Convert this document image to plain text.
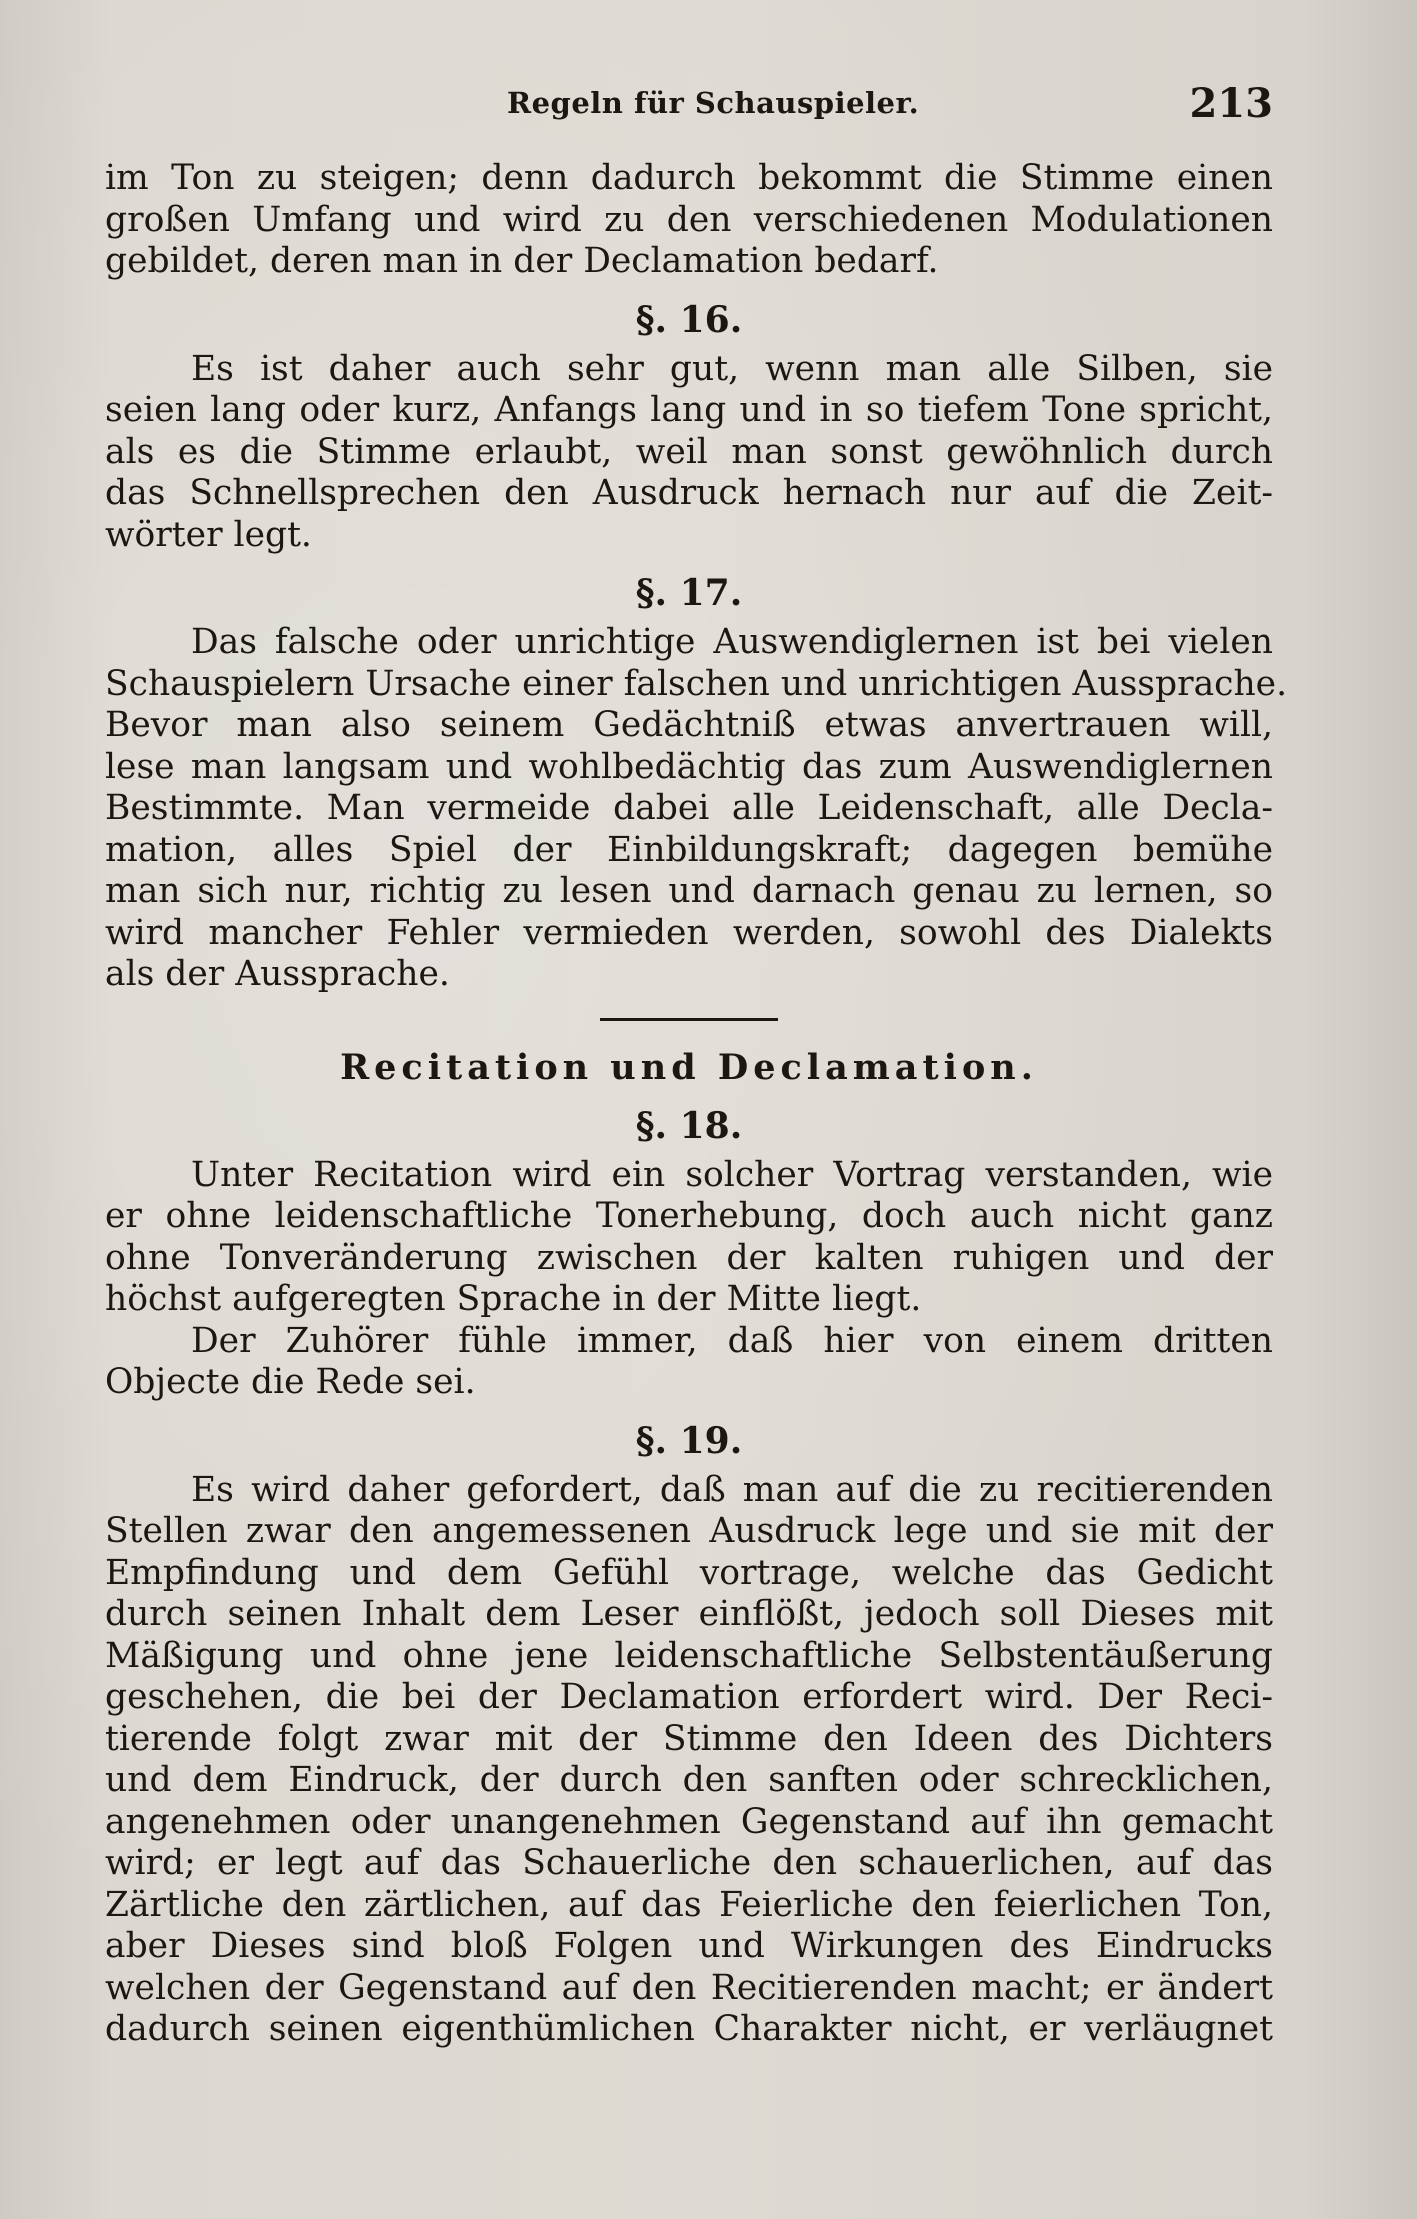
Regeln für Schauspieler.	213
im Ton zu steigen; denn dadurch bekommt die Stimme einen
großen Umfang und wird zu den verschiedenen Modulationen
gebildet, deren man in der Declamation bedarf.
§. 16.
Es ist daher auch sehr gut, wenn man alle Silben, sie
seien lang oder kurz, Anfangs lang und in so tiefem Tone spricht,
als es die Stimme erlaubt, weil man sonst gewöhnlich durch
das Schnellsprechen den Ausdruck hernach nur auf die Zeit-
wörter legt.
§. 17.
Das falsche oder unrichtige Auswendiglernen ist bei vielen
Schauspielern Ursache einer falschen und unrichtigen Aussprache.
Bevor man also seinem Gedächtniß etwas anvertrauen will,
lese man langsam und wohlbedächtig das zum Auswendiglernen
Bestimmte. Man vermeide dabei alle Leidenschaft, alle Decla-
mation, alles Spiel der Einbildungskraft; dagegen bemühe
man sich nur, richtig zu lesen und darnach genau zu lernen, so
wird mancher Fehler vermieden werden, sowohl des Dialekts
als der Aussprache.
Recitation und Declamation.
§. 18.
Unter Recitation wird ein solcher Vortrag verstanden, wie
er ohne leidenschaftliche Tonerhebung, doch auch nicht ganz
ohne Tonveränderung zwischen der kalten ruhigen und der
höchst aufgeregten Sprache in der Mitte liegt.
Der Zuhörer fühle immer, daß hier von einem dritten
Objecte die Rede sei.
§. 19.
Es wird daher gefordert, daß man auf die zu recitierenden
Stellen zwar den angemessenen Ausdruck lege und sie mit der
Empfindung und dem Gefühl vortrage, welche das Gedicht
durch seinen Inhalt dem Leser einflößt, jedoch soll Dieses mit
Mäßigung und ohne jene leidenschaftliche Selbstentäußerung
geschehen, die bei der Declamation erfordert wird. Der Reci-
tierende folgt zwar mit der Stimme den Ideen des Dichters
und dem Eindruck, der durch den sanften oder schrecklichen,
angenehmen oder unangenehmen Gegenstand auf ihn gemacht
wird; er legt auf das Schauerliche den schauerlichen, auf das
Zärtliche den zärtlichen, auf das Feierliche den feierlichen Ton,
aber Dieses sind bloß Folgen und Wirkungen des Eindrucks
welchen der Gegenstand auf den Recitierenden macht; er ändert
dadurch seinen eigenthümlichen Charakter nicht, er verläugnet
